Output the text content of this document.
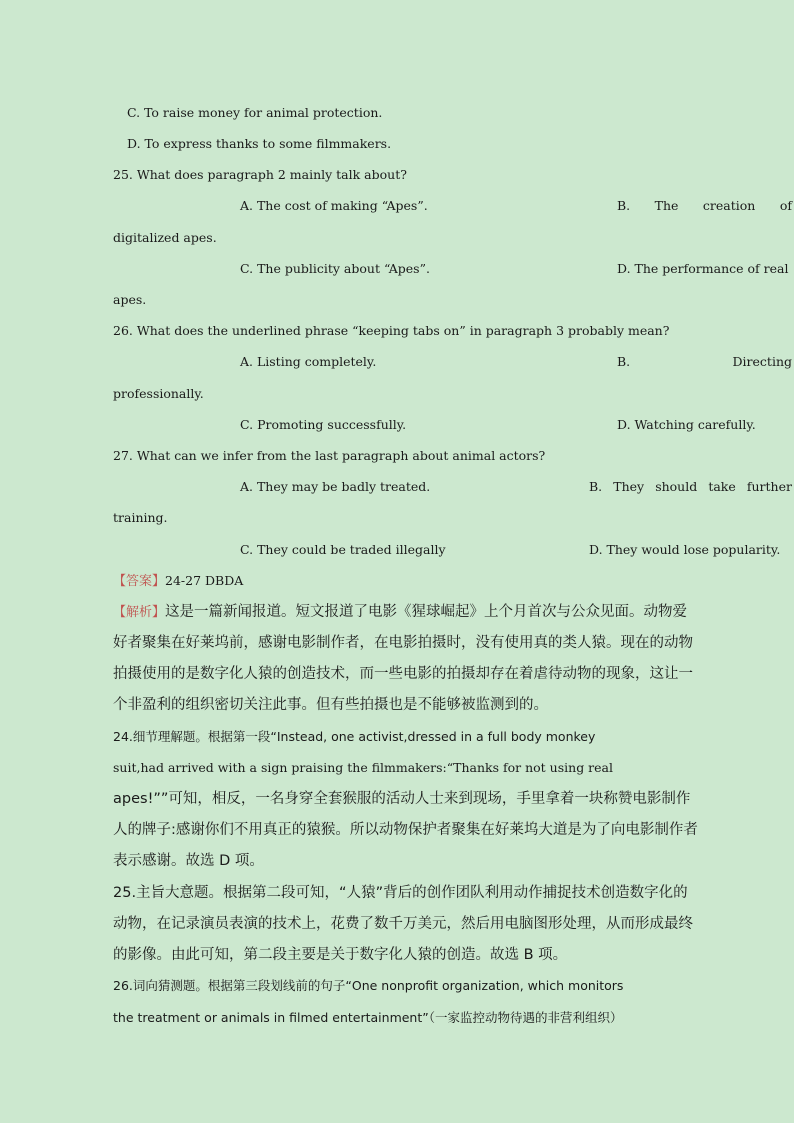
C. To raise money for animal protection.
D. To express thanks to some filmmakers.
25. What does paragraph 2 mainly talk about?
A. The cost of making “Apes”.	B. The creation of
digitalized apes.
C. The publicity about “Apes”.	D. The performance of real
apes.
26. What does the underlined phrase “keeping tabs on” in paragraph 3 probably mean?
A. Listing completely.	B.	Directing
professionally.
C. Promoting successfully.	D. Watching carefully.
27. What can we infer from the last paragraph about animal actors?
A. They may be badly treated.	B. They should take further
training.
C. They could be traded illegally	D. They would lose popularity.
【答案】24-27 DBDA
【解析】这是一篇新闻报道。短文报道了电影《猩球崛起》上个月首次与公众见面。动物爱
好者聚集在好莱坞前，感谢电影制作者，在电影拍摄时，没有使用真的类人猿。现在的动物
拍摄使用的是数字化人猿的创造技术，而一些电影的拍摄却存在着虐待动物的现象，这让一
个非盈利的组织密切关注此事。但有些拍摄也是不能够被监测到的。
24.细节理解题。根据第一段“Instead, one activist,dressed in a full body monkey
suit,had arrived with a sign praising the filmmakers:“Thanks for not using real
apes!””可知，相反，一名身穿全套猴服的活动人士来到现场，手里拿着一块称赞电影制作
人的牌子:感谢你们不用真正的猿猴。所以动物保护者聚集在好莱坞大道是为了向电影制作者
表示感谢。故选 D 项。
25.主旨大意题。根据第二段可知，“人猿”背后的创作团队利用动作捕捉技术创造数字化的
动物，在记录演员表演的技术上，花费了数千万美元，然后用电脑图形处理，从而形成最终
的影像。由此可知，第二段主要是关于数字化人猿的创造。故选 B 项。
26.词向猜测题。根据第三段划线前的句子“One nonprofit organization, which monitors
the treatment or animals in filmed entertainment”（一家监控动物待遇的非营利组织）
